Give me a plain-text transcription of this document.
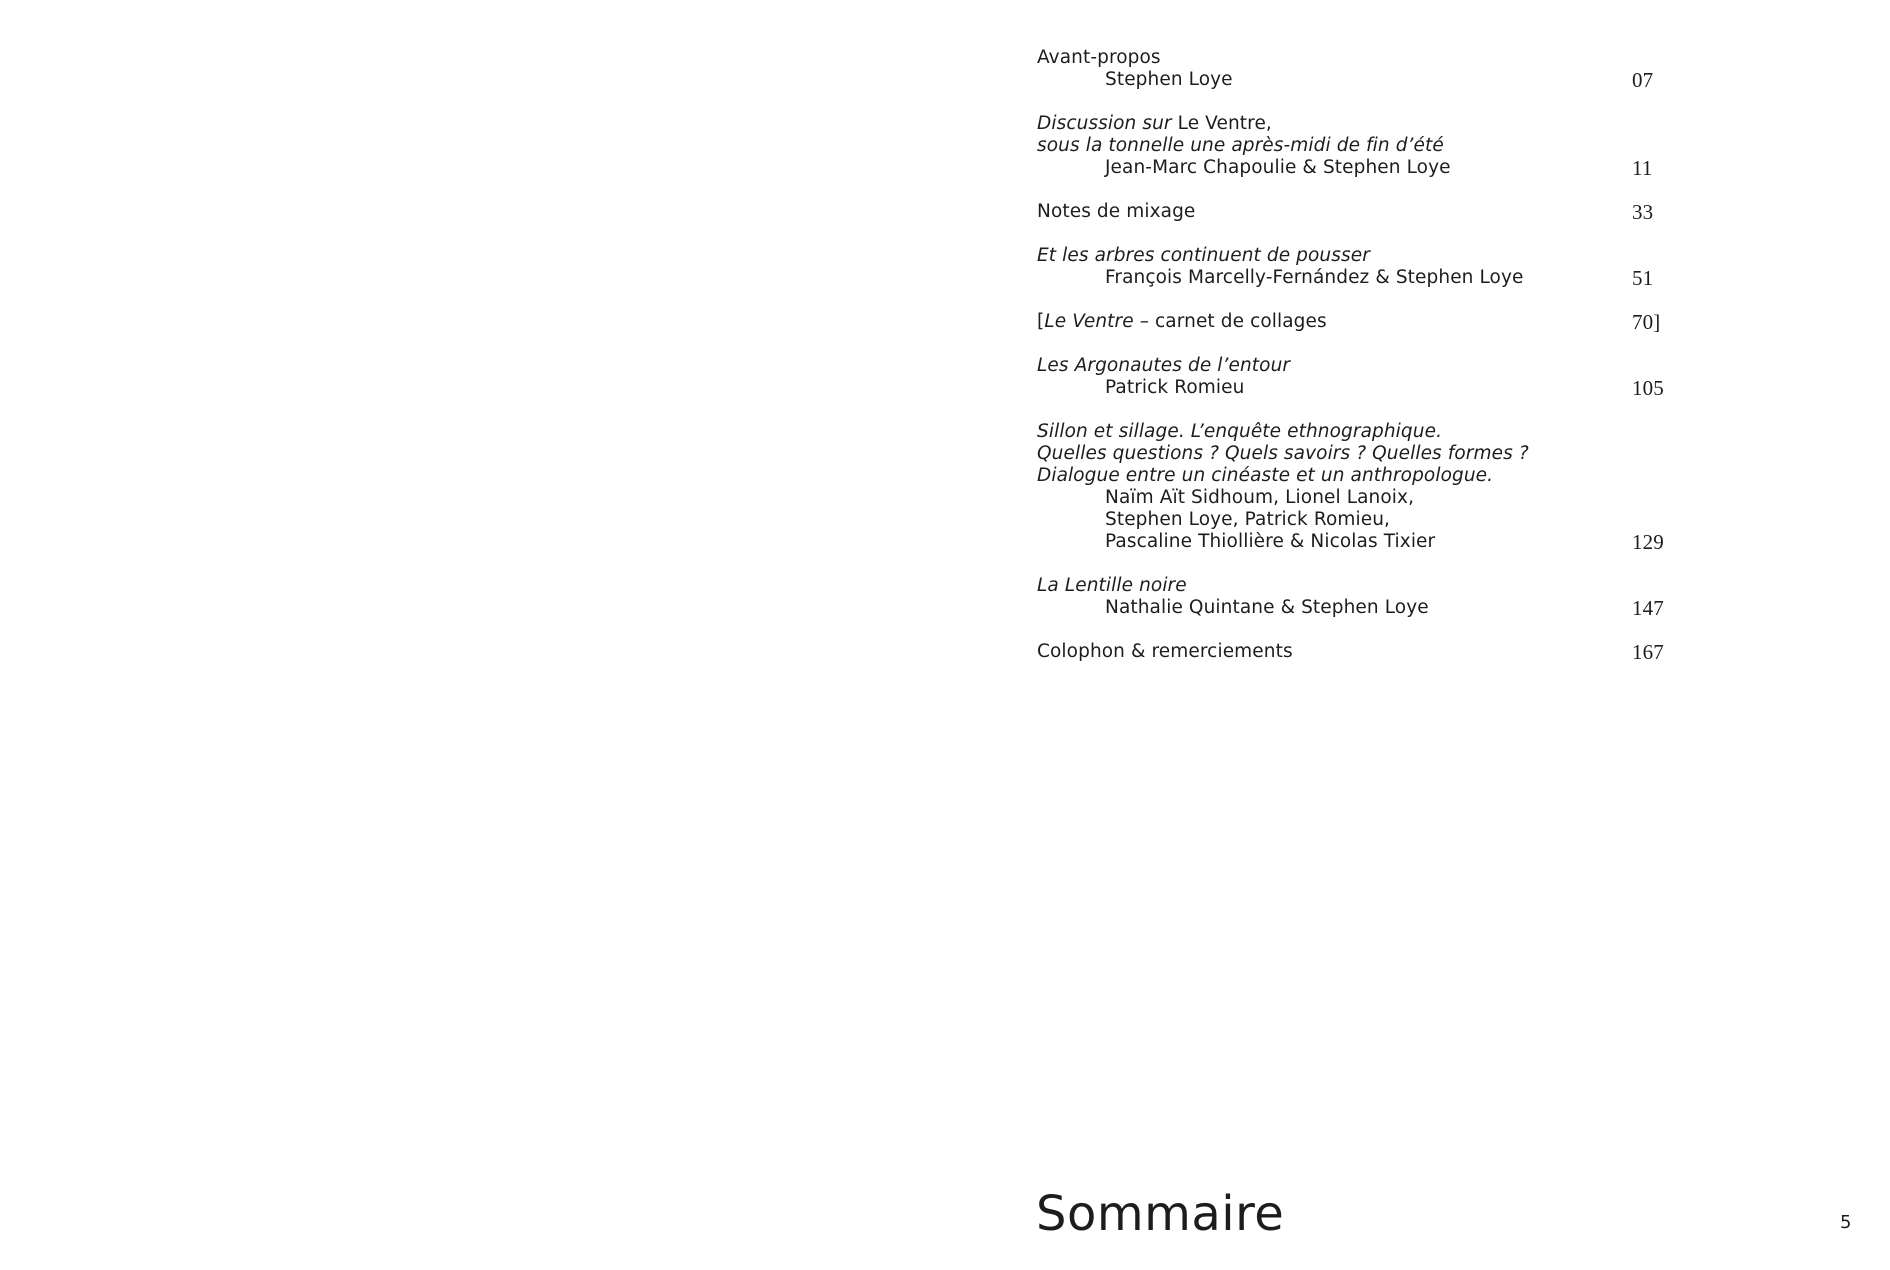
Avant-propos
Stephen Loye	07
Discussion sur Le Ventre,
sous la tonnelle une après-midi de fin d’été
Jean-Marc Chapoulie & Stephen Loye	11
Notes de mixage	33
Et les arbres continuent de pousser
François Marcelly-Fernández & Stephen Loye	51
[Le Ventre – carnet de collages	70]
Les Argonautes de l’entour
Patrick Romieu	105
Sillon et sillage. L’enquête ethnographique.
Quelles questions ? Quels savoirs ? Quelles formes ?
Dialogue entre un cinéaste et un anthropologue.
Naïm Aït Sidhoum, Lionel Lanoix,
Stephen Loye, Patrick Romieu,
Pascaline Thiollière & Nicolas Tixier	129
La Lentille noire
Nathalie Quintane & Stephen Loye	147
Colophon & remerciements	167
Sommaire	5
